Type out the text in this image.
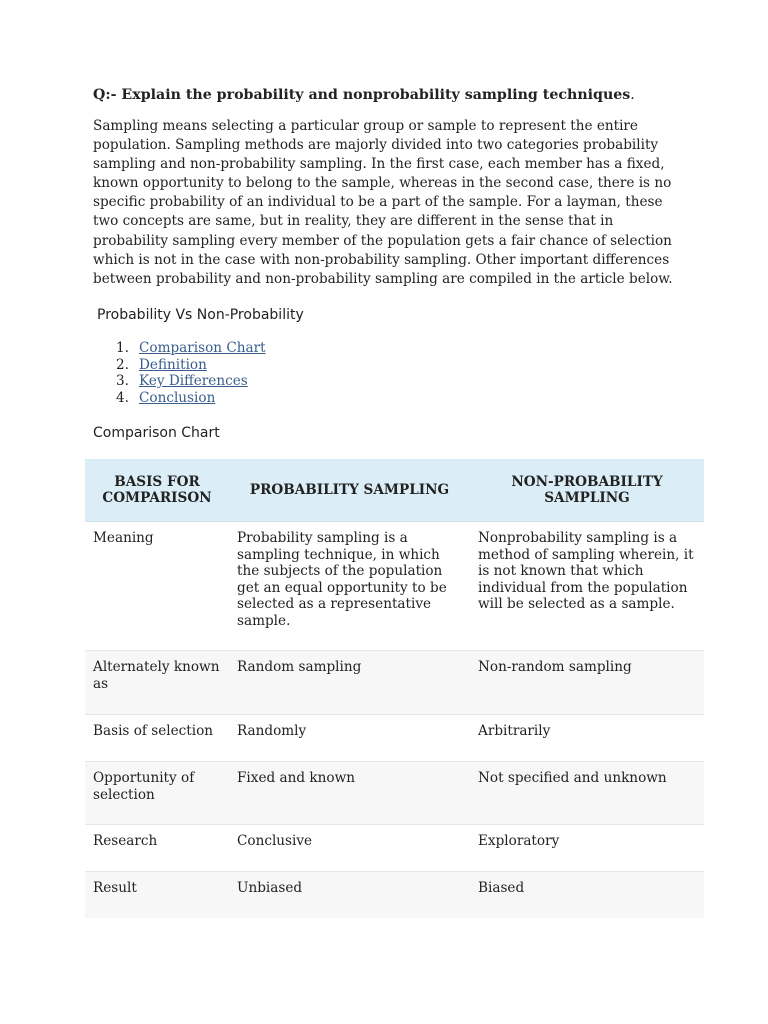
Q:- Explain the probability and nonprobability sampling techniques.

Sampling means selecting a particular group or sample to represent the entire
population. Sampling methods are majorly divided into two categories probability
sampling and non-probability sampling. In the first case, each member has a fixed,
known opportunity to belong to the sample, whereas in the second case, there is no
specific probability of an individual to be a part of the sample. For a layman, these
two concepts are same, but in reality, they are different in the sense that in
probability sampling every member of the population gets a fair chance of selection
which is not in the case with non-probability sampling. Other important differences
between probability and non-probability sampling are compiled in the article below.

Probability Vs Non-Probability
1. Comparison Chart
2. Definition
3. Key Differences
4. Conclusion
Comparison Chart
BASIS FOR COMPARISON	PROBABILITY SAMPLING	NON-PROBABILITY SAMPLING
Meaning	Probability sampling is a sampling technique, in which the subjects of the population get an equal opportunity to be selected as a representative sample.	Nonprobability sampling is a method of sampling wherein, it is not known that which individual from the population will be selected as a sample.
Alternately known as	Random sampling	Non-random sampling
Basis of selection	Randomly	Arbitrarily
Opportunity of selection	Fixed and known	Not specified and unknown
Research	Conclusive	Exploratory
Result	Unbiased	Biased
